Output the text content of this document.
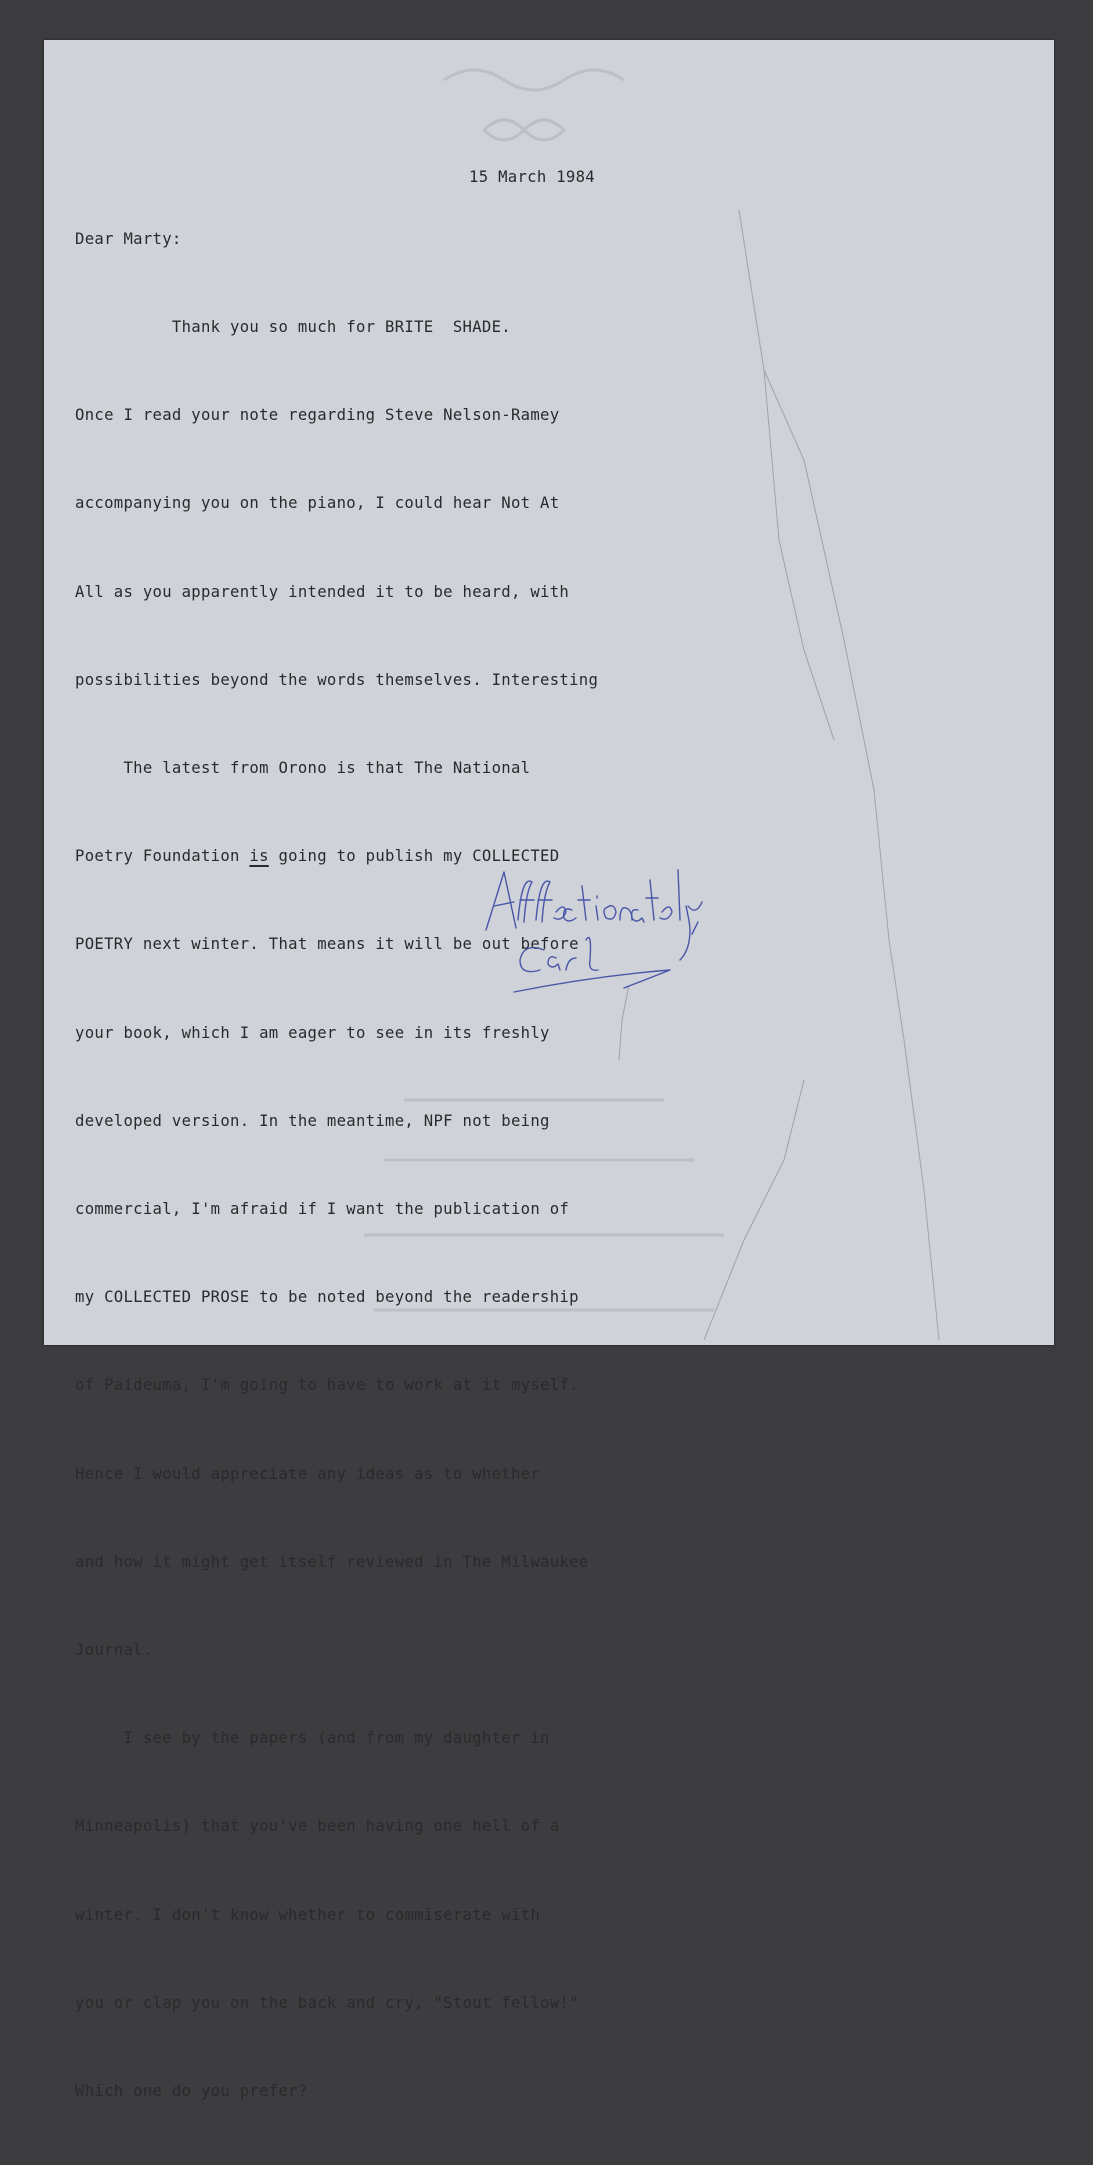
15 March 1984

Dear Marty:

Thank you so much for BRITE  SHADE.

Once I read your note regarding Steve Nelson-Ramey

accompanying you on the piano, I could hear Not At

All as you apparently intended it to be heard, with

possibilities beyond the words themselves. Interesting

The latest from Orono is that The National

Poetry Foundation is going to publish my COLLECTED

POETRY next winter. That means it will be out before

your book, which I am eager to see in its freshly

developed version. In the meantime, NPF not being

commercial, I'm afraid if I want the publication of

my COLLECTED PROSE to be noted beyond the readership

of Paideuma, I'm going to have to work at it myself.

Hence I would appreciate any ideas as to whether

and how it might get itself reviewed in The Milwaukee

Journal.

I see by the papers (and from my daughter in

Minneapolis) that you've been having one hell of a

winter. I don't know whether to commiserate with

you or clap you on the back and cry, "Stout fellow!"

Which one do you prefer?
